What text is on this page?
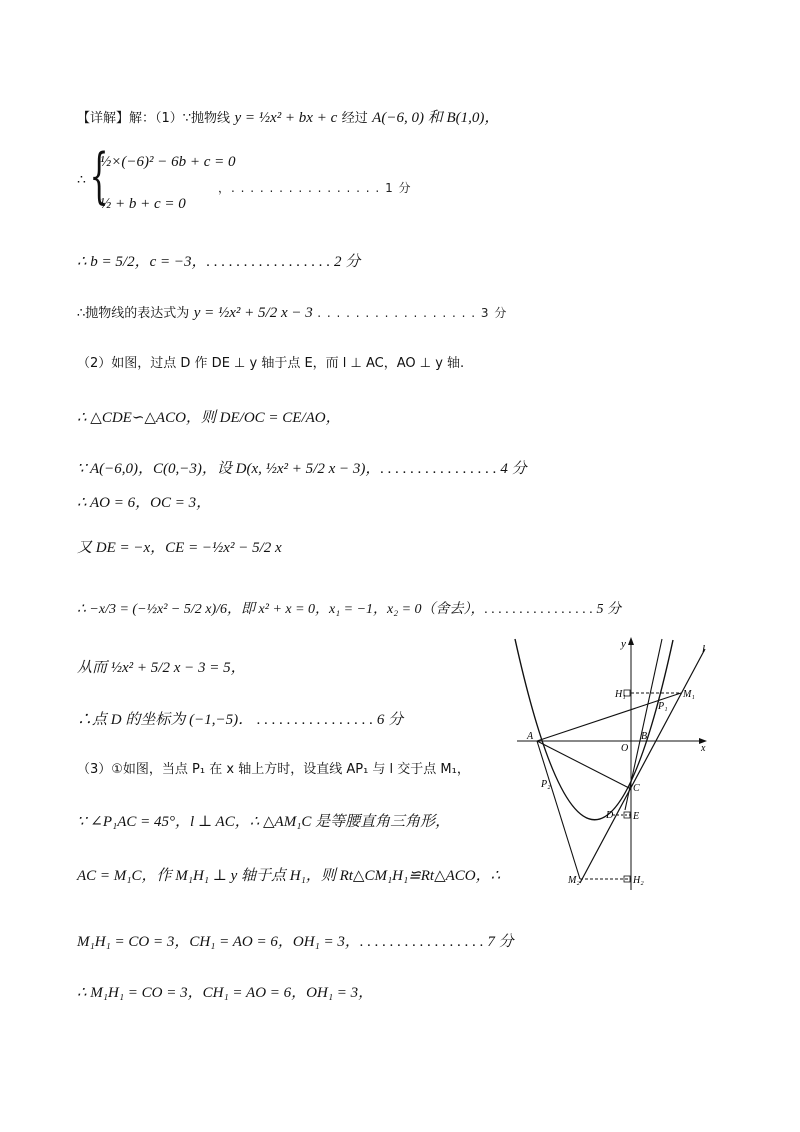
【详解】解：（1）∵抛物线 y = ½x² + bx + c 经过 A(−6, 0) 和 B(1,0)，
∴ {
½×(−6)² − 6b + c = 0
½ + b + c = 0
，. . . . . . . . . . . . . . . . 1 分
∴ b = 5/2，c = −3，. . . . . . . . . . . . . . . . . 2 分
∴抛物线的表达式为 y = ½x² + 5/2 x − 3 . . . . . . . . . . . . . . . . . 3 分
（2）如图，过点 D 作 DE ⊥ y 轴于点 E，而 l ⊥ AC，AO ⊥ y 轴.
∴ △CDE∽△ACO，则 DE/OC = CE/AO，
∵ A(−6,0)，C(0,−3)，设 D(x, ½x² + 5/2 x − 3)，. . . . . . . . . . . . . . . . 4 分
∴ AO = 6，OC = 3，
又 DE = −x，CE = −½x² − 5/2 x
∴ −x/3 = (−½x² − 5/2 x)/6，即 x² + x = 0，x₁ = −1，x₂ = 0（舍去），. . . . . . . . . . . . . . . . 5 分
从而 ½x² + 5/2 x − 3 = 5，
∴点 D 的坐标为 (−1,−5)． . . . . . . . . . . . . . . . . 6 分
（3）①如图，当点 P₁ 在 x 轴上方时，设直线 AP₁ 与 l 交于点 M₁，
∵ ∠P₁AC = 45°，l ⊥ AC，∴ △AM₁C 是等腰直角三角形，
AC = M₁C，作 M₁H₁ ⊥ y 轴于点 H₁，则 Rt△CM₁H₁≌Rt△ACO，∴
M₁H₁ = CO = 3，CH₁ = AO = 6，OH₁ = 3，. . . . . . . . . . . . . . . . . 7 分
∴ M₁H₁ = CO = 3，CH₁ = AO = 6，OH₁ = 3，
y	l
H₁	M₁
P₁
A
O
B
x
P₂	C
D E
M₂	H₂
